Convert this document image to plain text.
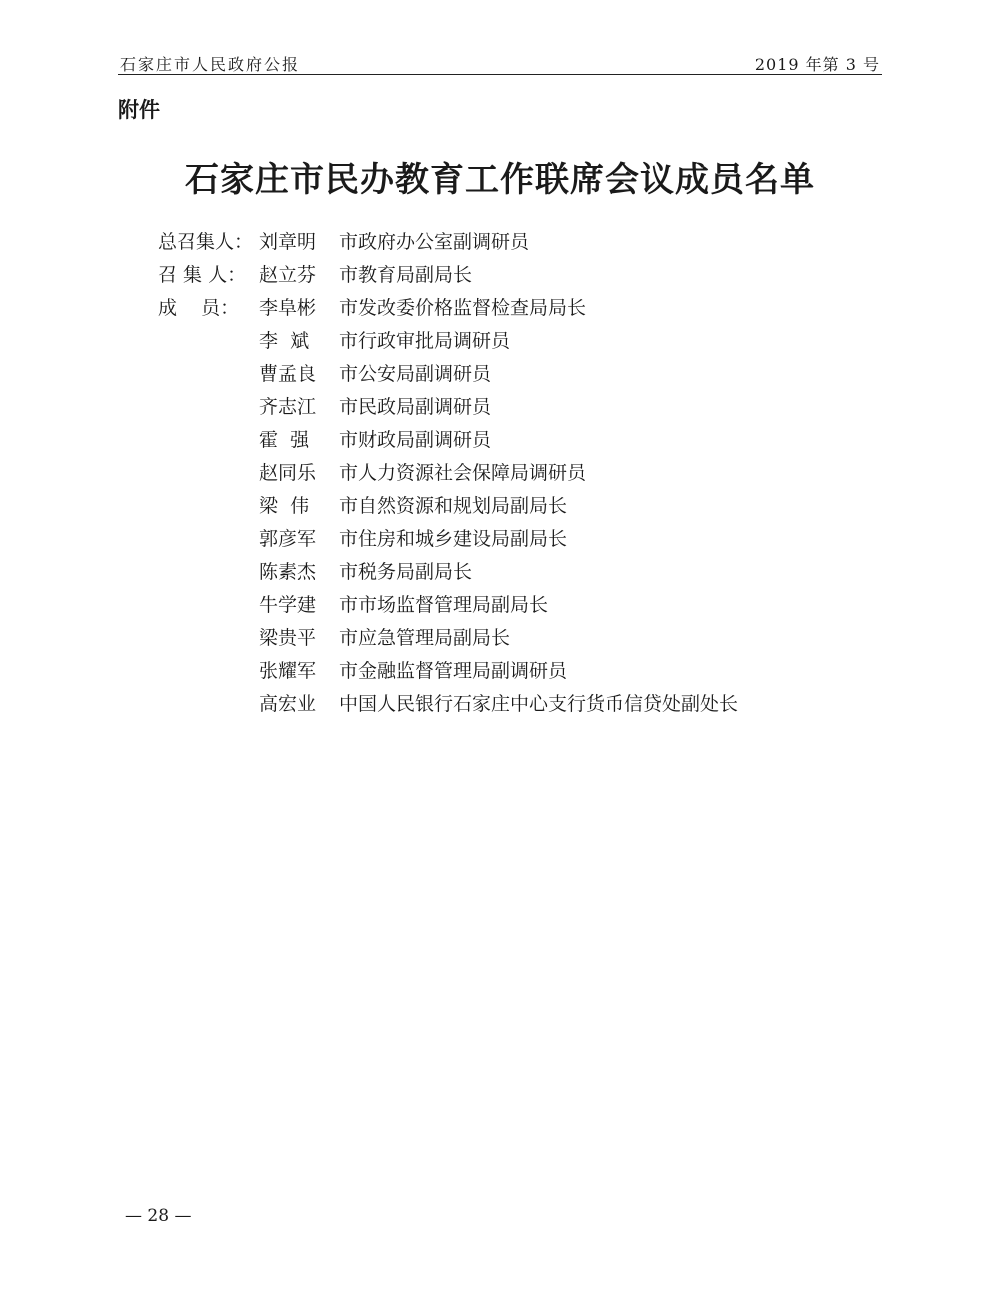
石家庄市人民政府公报	2019 年第 3 号
附件
石家庄市民办教育工作联席会议成员名单
总召集人： 刘章明	市政府办公室副调研员
召 集 人： 赵立芬	市教育局副局长
成    员：	李阜彬	市发改委价格监督检查局局长
李  斌	市行政审批局调研员
曹孟良	市公安局副调研员
齐志江	市民政局副调研员
霍  强	市财政局副调研员
赵同乐	市人力资源社会保障局调研员
梁  伟	市自然资源和规划局副局长
郭彦军	市住房和城乡建设局副局长
陈素杰	市税务局副局长
牛学建	市市场监督管理局副局长
梁贵平	市应急管理局副局长
张耀军	市金融监督管理局副调研员
高宏业	中国人民银行石家庄中心支行货币信贷处副处长
— 28 —
